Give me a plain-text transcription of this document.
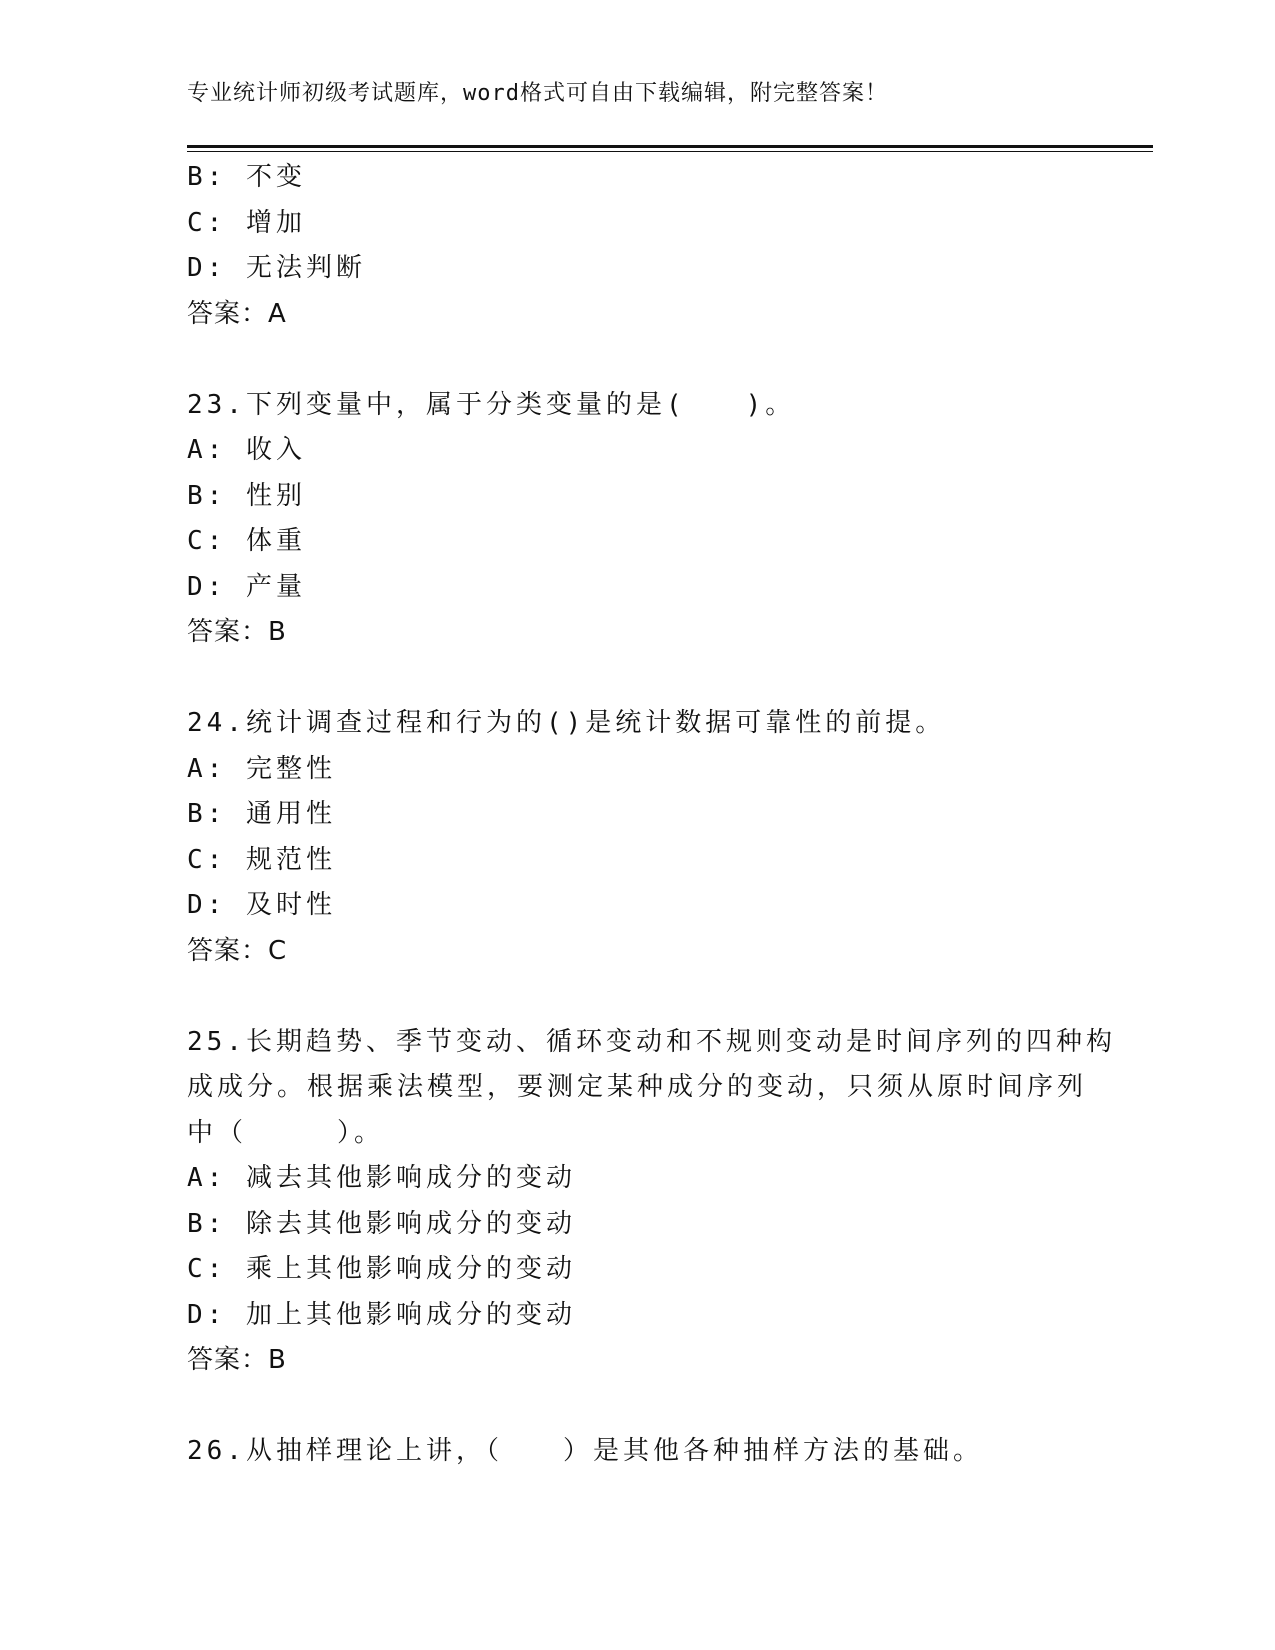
专业统计师初级考试题库，word格式可自由下载编辑，附完整答案！
B: 不变
C: 增加
D: 无法判断
答案：A
23.下列变量中，属于分类变量的是(　　)。
A: 收入
B: 性别
C: 体重
D: 产量
答案：B
24.统计调查过程和行为的()是统计数据可靠性的前提。
A: 完整性
B: 通用性
C: 规范性
D: 及时性
答案：C
25.长期趋势、季节变动、循环变动和不规则变动是时间序列的四种构
成成分。根据乘法模型，要测定某种成分的变动，只须从原时间序列
中（　　　）。
A: 减去其他影响成分的变动
B: 除去其他影响成分的变动
C: 乘上其他影响成分的变动
D: 加上其他影响成分的变动
答案：B
26.从抽样理论上讲，（　　）是其他各种抽样方法的基础。
